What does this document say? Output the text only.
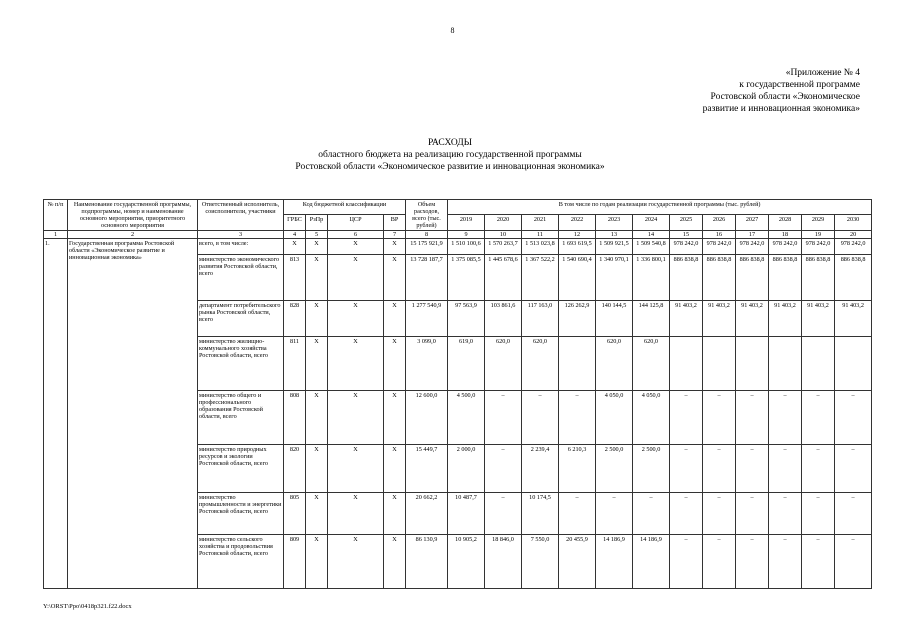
8
«Приложение № 4
к государственной программе
Ростовской области «Экономическое
развитие и инновационная экономика»
РАСХОДЫ
областного бюджета на реализацию государственной программы
Ростовской области «Экономическое развитие и инновационная экономика»
№ п/п	Наименование государственной программы, подпрограммы, номер и наименование основного мероприятия, приоритетного основного мероприятия	Ответственный исполнитель, соисполнители, участники	Код бюджетной классификации				Объем расходов, всего (тыс. рублей)	В том числе по годам реализации государственной программы (тыс. рублей)											
			ГРБС	РзПр	ЦСР	ВР		2019	2020	2021	2022	2023	2024	2025	2026	2027	2028	2029	2030
1	2	3	4	5	6	7	8	9	10	11	12	13	14	15	16	17	18	19	20
1.	Государственная программа Ростовской области «Экономическое развитие и инновационная экономика»	всего, в том числе:	Х	Х	Х	Х	15 175 921,9	1 510 100,6	1 570 263,7	1 513 023,8	1 693 619,5	1 509 921,5	1 509 540,8	978 242,0	978 242,0	978 242,0	978 242,0	978 242,0	978 242,0
		министерство экономического развития Ростовской области, всего	813	Х	Х	Х	13 728 187,7	1 375 085,5	1 445 678,6	1 367 522,2	1 540 690,4	1 340 970,1	1 336 800,1	886 838,8	886 838,8	886 838,8	886 838,8	886 838,8	886 838,8
		департамент потребительского рынка Ростовской области, всего	828	Х	Х	Х	1 277 540,9	97 563,9	103 861,6	117 163,0	126 262,9	140 144,5	144 125,8	91 403,2	91 403,2	91 403,2	91 403,2	91 403,2	91 403,2
		министерство жилищно-коммунального хозяйства Ростовской области, всего	811	Х	Х	Х	3 099,0	619,0	620,0	620,0		620,0	620,0						
		министерство общего и профессионального образования Ростовской области, всего	808	Х	Х	Х	12 600,0	4 500,0	–	–	–	4 050,0	4 050,0	–	–	–	–	–	–
		министерство природных ресурсов и экологии Ростовской области, всего	820	Х	Х	Х	15 449,7	2 000,0	–	2 239,4	6 210,3	2 500,0	2 500,0	–	–	–	–	–	–
		министерство промышленности и энергетики Ростовской области, всего	805	Х	Х	Х	20 662,2	10 487,7	–	10 174,5	–	–	–	–	–	–	–	–	–
		министерство сельского хозяйства и продовольствия Ростовской области, всего	809	Х	Х	Х	86 130,9	10 905,2	18 846,0	7 550,0	20 455,9	14 186,9	14 186,9	–	–	–	–	–	–
Y:\ORST\Ppo\0418p321.f22.docx
